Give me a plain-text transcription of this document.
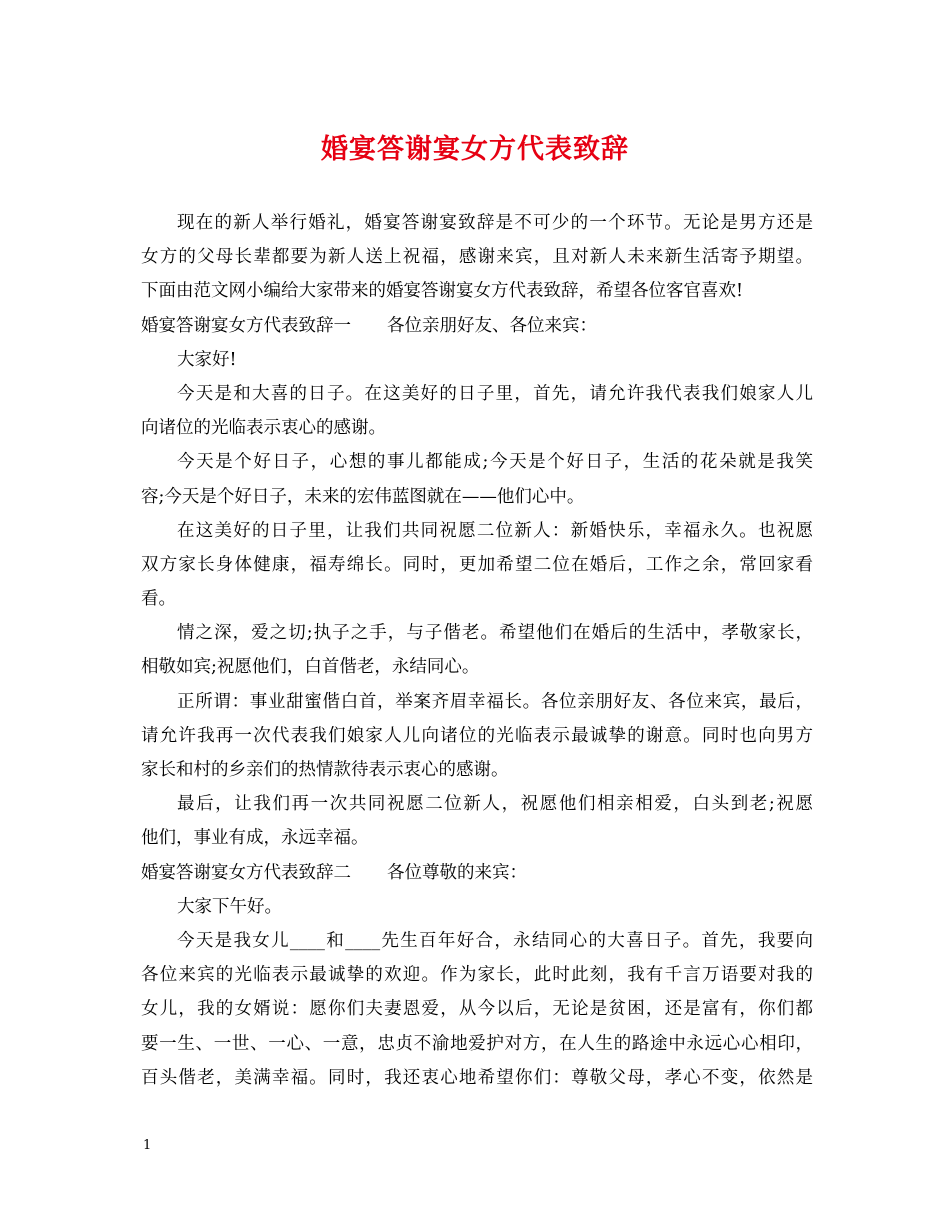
婚宴答谢宴女方代表致辞
现在的新人举行婚礼，婚宴答谢宴致辞是不可少的一个环节。无论是男方还是
女方的父母长辈都要为新人送上祝福，感谢来宾，且对新人未来新生活寄予期望。
下面由范文网小编给大家带来的婚宴答谢宴女方代表致辞，希望各位客官喜欢!
婚宴答谢宴女方代表致辞一 各位亲朋好友、各位来宾：
大家好!
今天是和大喜的日子。在这美好的日子里，首先，请允许我代表我们娘家人儿
向诸位的光临表示衷心的感谢。
今天是个好日子，心想的事儿都能成;今天是个好日子，生活的花朵就是我笑
容;今天是个好日子，未来的宏伟蓝图就在——他们心中。
在这美好的日子里，让我们共同祝愿二位新人：新婚快乐，幸福永久。也祝愿
双方家长身体健康，福寿绵长。同时，更加希望二位在婚后，工作之余，常回家看
看。
情之深，爱之切;执子之手，与子偕老。希望他们在婚后的生活中，孝敬家长，
相敬如宾;祝愿他们，白首偕老，永结同心。
正所谓：事业甜蜜偕白首，举案齐眉幸福长。各位亲朋好友、各位来宾，最后，
请允许我再一次代表我们娘家人儿向诸位的光临表示最诚挚的谢意。同时也向男方
家长和村的乡亲们的热情款待表示衷心的感谢。
最后，让我们再一次共同祝愿二位新人，祝愿他们相亲相爱，白头到老;祝愿
他们，事业有成，永远幸福。
婚宴答谢宴女方代表致辞二 各位尊敬的来宾：
大家下午好。
今天是我女儿____和____先生百年好合，永结同心的大喜日子。首先，我要向
各位来宾的光临表示最诚挚的欢迎。作为家长，此时此刻，我有千言万语要对我的
女儿，我的女婿说：愿你们夫妻恩爱，从今以后，无论是贫困，还是富有，你们都
要一生、一世、一心、一意，忠贞不渝地爱护对方，在人生的路途中永远心心相印，
百头偕老，美满幸福。同时，我还衷心地希望你们：尊敬父母，孝心不变，依然是
1
